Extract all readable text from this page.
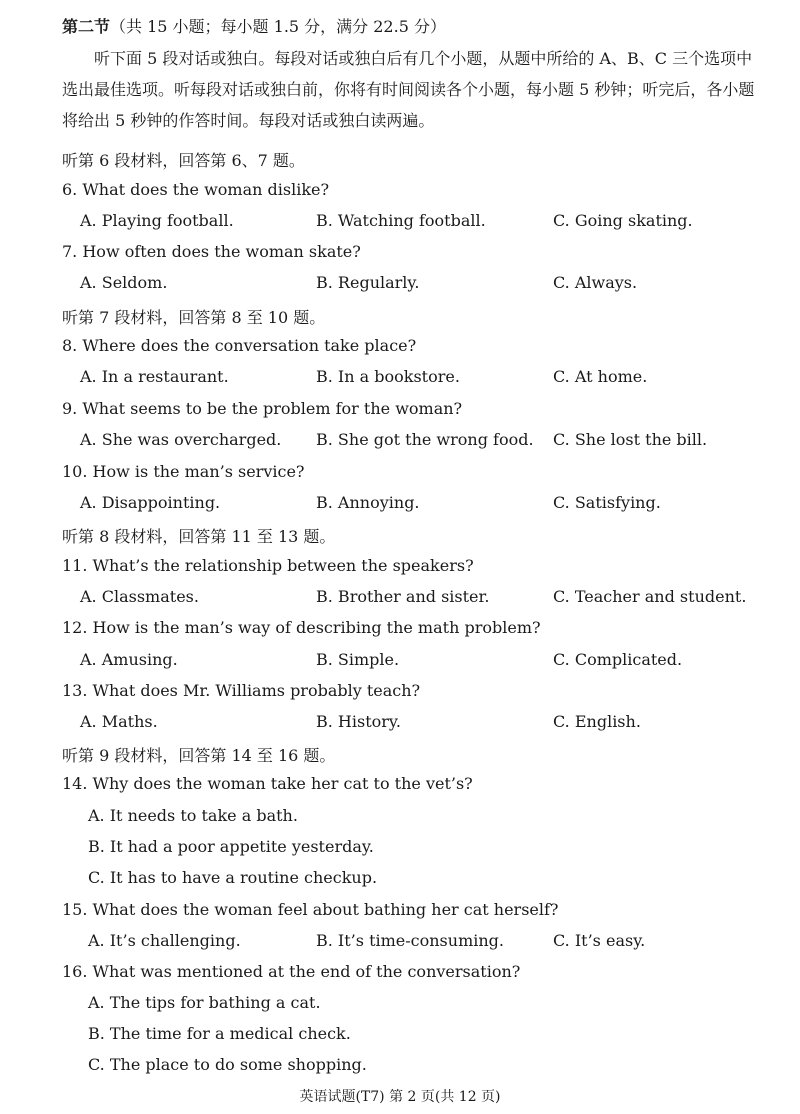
第二节（共 15 小题；每小题 1.5 分，满分 22.5 分）
听下面 5 段对话或独白。每段对话或独白后有几个小题，从题中所给的 A、B、C 三个选项中
选出最佳选项。听每段对话或独白前，你将有时间阅读各个小题，每小题 5 秒钟；听完后，各小题
将给出 5 秒钟的作答时间。每段对话或独白读两遍。
听第 6 段材料，回答第 6、7 题。
6. What does the woman dislike?
A. Playing football.	B. Watching football.	C. Going skating.
7. How often does the woman skate?
A. Seldom.	B. Regularly.	C. Always.
听第 7 段材料，回答第 8 至 10 题。
8. Where does the conversation take place?
A. In a restaurant.	B. In a bookstore.	C. At home.
9. What seems to be the problem for the woman?
A. She was overcharged. B. She got the wrong food. C. She lost the bill.
10. How is the man’s service?
A. Disappointing.	B. Annoying.	C. Satisfying.
听第 8 段材料，回答第 11 至 13 题。
11. What’s the relationship between the speakers?
A. Classmates.	B. Brother and sister.	C. Teacher and student.
12. How is the man’s way of describing the math problem?
A. Amusing.	B. Simple.	C. Complicated.
13. What does Mr. Williams probably teach?
A. Maths.	B. History.	C. English.
听第 9 段材料，回答第 14 至 16 题。
14. Why does the woman take her cat to the vet’s?
A. It needs to take a bath.
B. It had a poor appetite yesterday.
C. It has to have a routine checkup.
15. What does the woman feel about bathing her cat herself?
A. It’s challenging.	B. It’s time-consuming.	C. It’s easy.
16. What was mentioned at the end of the conversation?
A. The tips for bathing a cat.
B. The time for a medical check.
C. The place to do some shopping.
英语试题(T7) 第 2 页(共 12 页)
